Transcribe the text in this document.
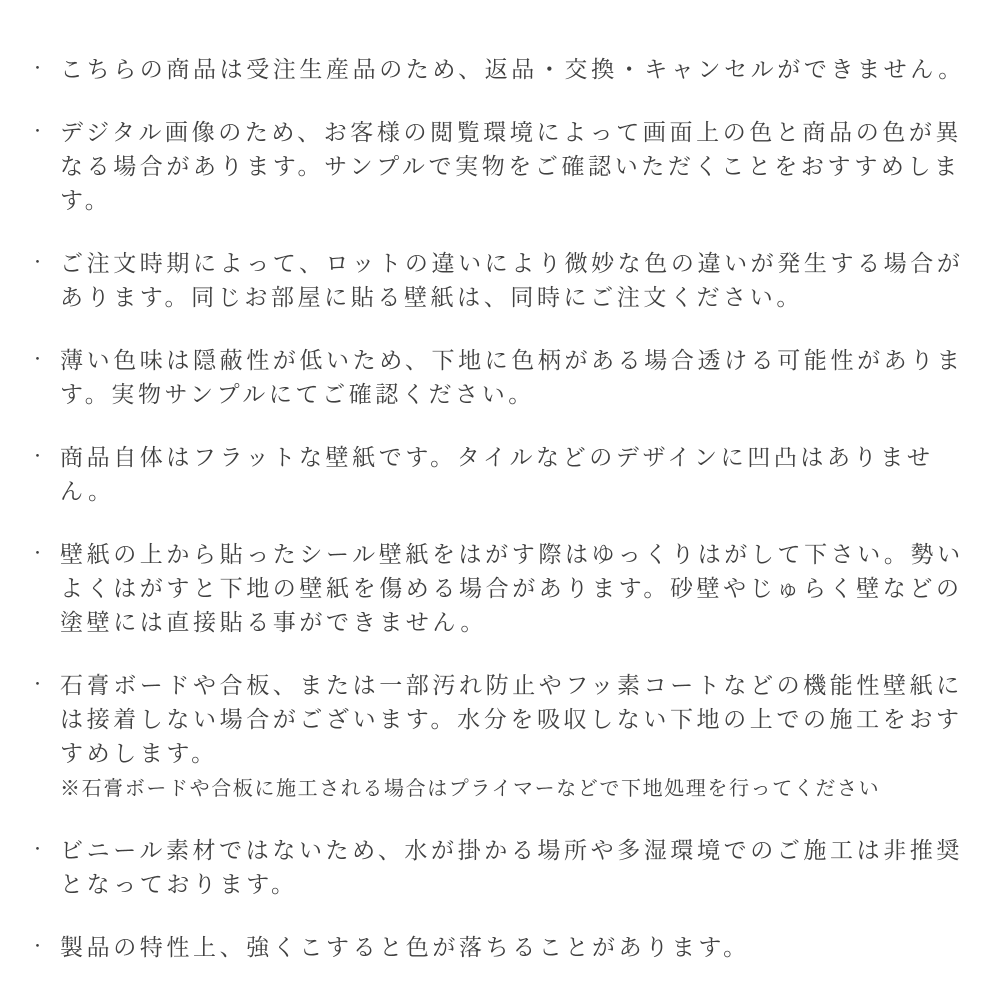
・ こちらの商品は受注生産品のため、返品・交換・キャンセルができません。

・ デジタル画像のため、お客様の閲覧環境によって画面上の色と商品の色が異なる場合があります。サンプルで実物をご確認いただくことをおすすめします。

・ ご注文時期によって、ロットの違いにより微妙な色の違いが発生する場合があります。同じお部屋に貼る壁紙は、同時にご注文ください。

・ 薄い色味は隠蔽性が低いため、下地に色柄がある場合透ける可能性があります。実物サンプルにてご確認ください。

・ 商品自体はフラットな壁紙です。タイルなどのデザインに凹凸はありません。

・ 壁紙の上から貼ったシール壁紙をはがす際はゆっくりはがして下さい。勢いよくはがすと下地の壁紙を傷める場合があります。砂壁やじゅらく壁などの塗壁には直接貼る事ができません。

・ 石膏ボードや合板、または一部汚れ防止やフッ素コートなどの機能性壁紙には接着しない場合がございます。水分を吸収しない下地の上での施工をおすすめします。

※石膏ボードや合板に施工される場合はプライマーなどで下地処理を行ってください

・ ビニール素材ではないため、水が掛かる場所や多湿環境でのご施工は非推奨となっております。

・ 製品の特性上、強くこすると色が落ちることがあります。
